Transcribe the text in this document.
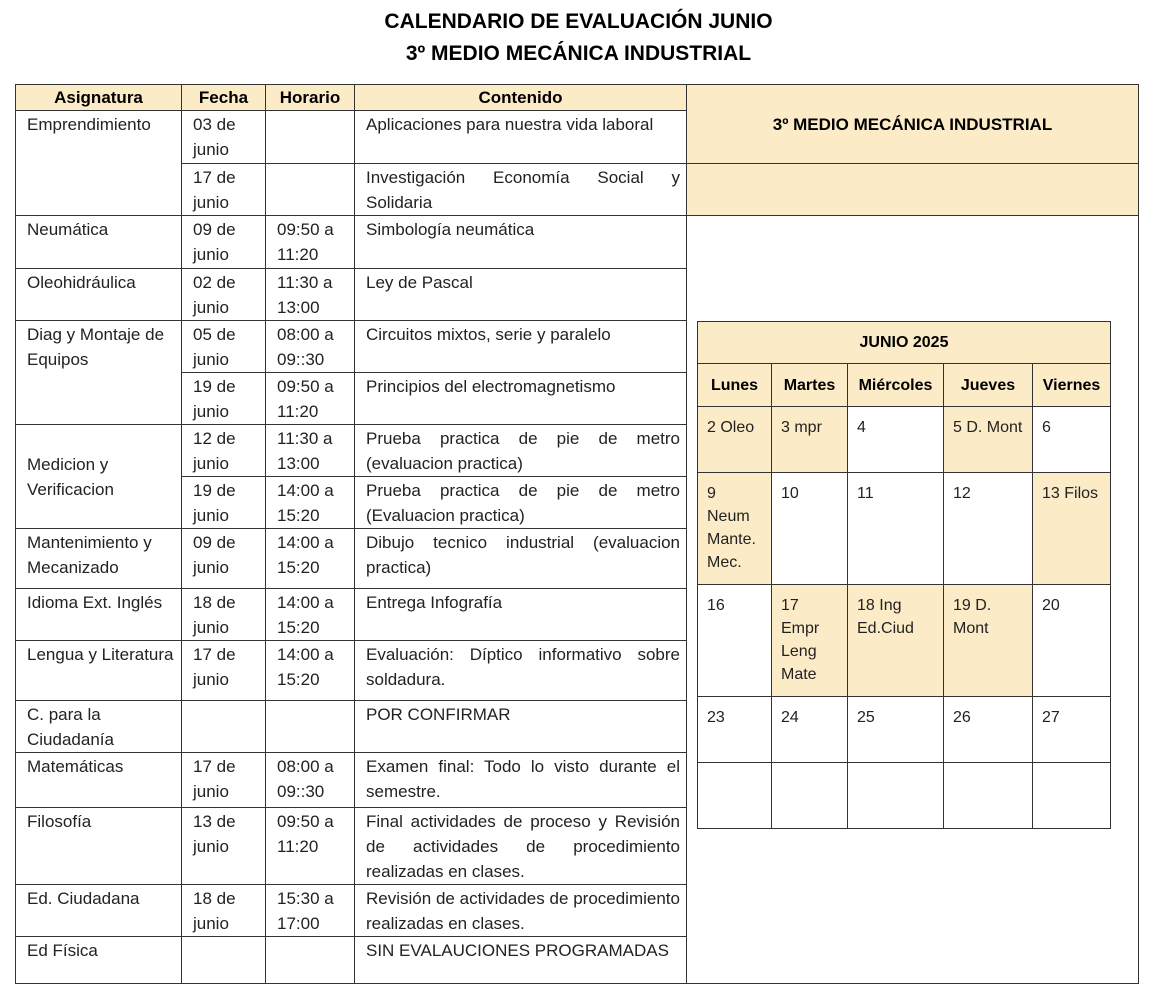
CALENDARIO DE EVALUACIÓN JUNIO
3º MEDIO MECÁNICA INDUSTRIAL
Asignatura	Fecha	Horario	Contenido	3º MEDIO MECÁNICA INDUSTRIAL

Emprendimiento	03 de junio		Aplicaciones para nuestra vida laboral	

	17 de junio		Investigación Economía Social y Solidaria	

Neumática	09 de junio	09:50 a 11:20	Simbología neumática	

Oleohidráulica	02 de junio	11:30 a 13:00	Ley de Pascal	

Diag y Montaje de Equipos	05 de junio	08:00 a 09::30	Circuitos mixtos, serie y paralelo	

	19 de junio	09:50 a 11:20	Principios del electromagnetismo	

Medicion y Verificacion	12 de junio	11:30 a 13:00	Prueba practica de pie de metro (evaluacion practica)	

	19 de junio	14:00 a 15:20	Prueba practica de pie de metro (Evaluacion practica)	

Mantenimiento y Mecanizado	09 de junio	14:00 a 15:20	Dibujo tecnico industrial (evaluacion practica)	

Idioma Ext. Inglés	18 de junio	14:00 a 15:20	Entrega Infografía	

Lengua y Literatura	17 de junio	14:00 a 15:20	Evaluación: Díptico informativo sobre soldadura.	

C. para la Ciudadanía			POR CONFIRMAR	

Matemáticas	17 de junio	08:00 a 09::30	Examen final: Todo lo visto durante el semestre.	

Filosofía	13 de junio	09:50 a 11:20	Final actividades de proceso y Revisión de actividades de procedimiento realizadas en clases.	

Ed. Ciudadana	18 de junio	15:30 a 17:00	Revisión de actividades de procedimiento realizadas en clases.	

Ed Física			SIN EVALAUCIONES PROGRAMADAS	
JUNIO 2025				
Lunes	Martes	Miércoles	Jueves	Viernes
2 Oleo	3 mpr	4	5 D. Mont	6
9 Neum Mante. Mec.	10	11	12	13 Filos
16	17 Empr Leng Mate	18 Ing Ed.Ciud	19 D. Mont	20
23	24	25	26	27
